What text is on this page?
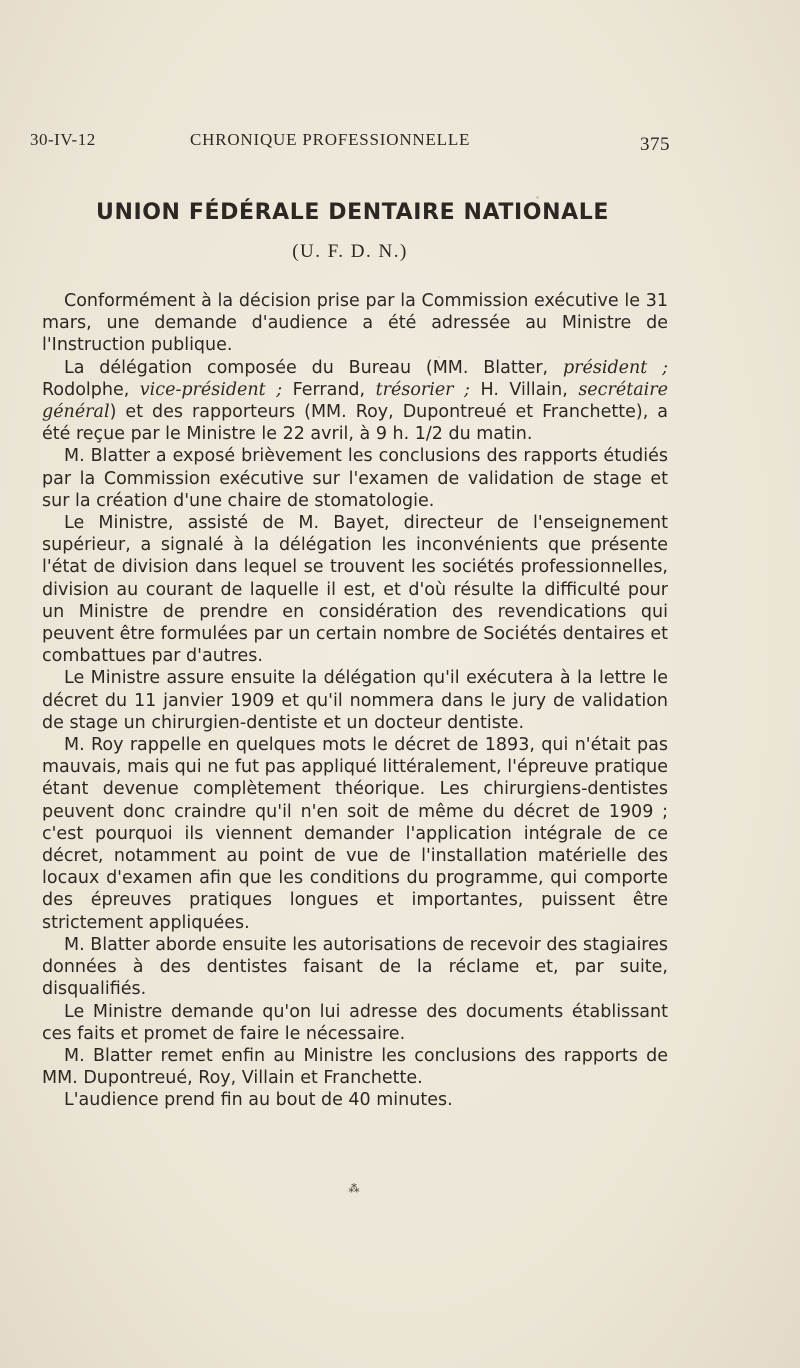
30-IV-12	CHRONIQUE PROFESSIONNELLE	375
UNION FÉDÉRALE DENTAIRE NATIONALE
(U. F. D. N.)

Conformément à la décision prise par la Commission exécutive le 31 mars, une demande d'audience a été adressée au Ministre de l'Instruction publique.

La délégation composée du Bureau (MM. Blatter, président ; Rodolphe, vice-président ; Ferrand, trésorier ; H. Villain, secrétaire général) et des rapporteurs (MM. Roy, Dupontreué et Franchette), a été reçue par le Ministre le 22 avril, à 9 h. 1/2 du matin.

M. Blatter a exposé brièvement les conclusions des rapports étudiés par la Commission exécutive sur l'examen de validation de stage et sur la création d'une chaire de stomatologie.

Le Ministre, assisté de M. Bayet, directeur de l'enseignement supérieur, a signalé à la délégation les inconvénients que présente l'état de division dans lequel se trouvent les sociétés professionnelles, division au courant de laquelle il est, et d'où résulte la difficulté pour un Ministre de prendre en considération des revendications qui peuvent être formulées par un certain nombre de Sociétés dentaires et combattues par d'autres.

Le Ministre assure ensuite la délégation qu'il exécutera à la lettre le décret du 11 janvier 1909 et qu'il nommera dans le jury de validation de stage un chirurgien-dentiste et un docteur dentiste.

M. Roy rappelle en quelques mots le décret de 1893, qui n'était pas mauvais, mais qui ne fut pas appliqué littéralement, l'épreuve pratique étant devenue complètement théorique. Les chirurgiens-dentistes peuvent donc craindre qu'il n'en soit de même du décret de 1909 ; c'est pourquoi ils viennent demander l'application intégrale de ce décret, notamment au point de vue de l'installation matérielle des locaux d'examen afin que les conditions du programme, qui comporte des épreuves pratiques longues et importantes, puissent être strictement appliquées.

M. Blatter aborde ensuite les autorisations de recevoir des stagiaires données à des dentistes faisant de la réclame et, par suite, disqualifiés.

Le Ministre demande qu'on lui adresse des documents établissant ces faits et promet de faire le nécessaire.

M. Blatter remet enfin au Ministre les conclusions des rapports de MM. Dupontreué, Roy, Villain et Franchette.

L'audience prend fin au bout de 40 minutes.

⁂
